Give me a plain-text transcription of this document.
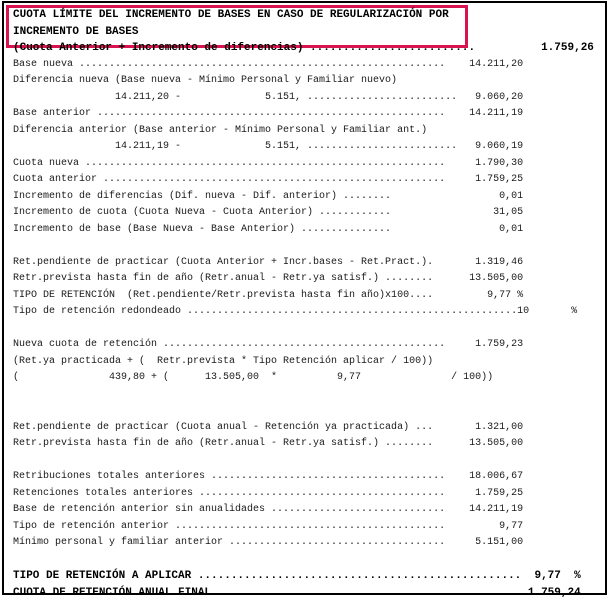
CUOTA LÍMITE DEL INCREMENTO DE BASES EN CASO DE REGULARIZACIÓN POR
INCREMENTO DE BASES
(Cuota Anterior + Incremento de diferencias) .........................          1.759,26
Base nueva .............................................................    14.211,20
Diferencia nueva (Base nueva - Mínimo Personal y Familiar nuevo)
14.211,20 -              5.151, .........................   9.060,20
Base anterior ..........................................................    14.211,19
Diferencia anterior (Base anterior - Mínimo Personal y Familiar ant.)
14.211,19 -              5.151, .........................   9.060,19
Cuota nueva ............................................................     1.790,30
Cuota anterior .........................................................     1.759,25
Incremento de diferencias (Dif. nueva - Dif. anterior) ........                  0,01
Incremento de cuota (Cuota Nueva - Cuota Anterior) ............                 31,05
Incremento de base (Base Nueva - Base Anterior) ...............                  0,01
Ret.pendiente de practicar (Cuota Anterior + Incr.bases - Ret.Pract.).       1.319,46
Retr.prevista hasta fin de año (Retr.anual - Retr.ya satisf.) ........      13.505,00
TIPO DE RETENCIÓN  (Ret.pendiente/Retr.prevista hasta fin año)x100....         9,77 %
Tipo de retención redondeado .......................................................10       %
Nueva cuota de retención ...............................................     1.759,23
(Ret.ya practicada + (  Retr.prevista * Tipo Retención aplicar / 100))
(               439,80 + (      13.505,00  *          9,77               / 100))
Ret.pendiente de practicar (Cuota anual - Retención ya practicada) ...       1.321,00
Retr.prevista hasta fin de año (Retr.anual - Retr.ya satisf.) ........      13.505,00
Retribuciones totales anteriores .......................................    18.006,67
Retenciones totales anteriores .........................................     1.759,25
Base de retención anterior sin anualidades .............................    14.211,19
Tipo de retención anterior .............................................         9,77
Mínimo personal y familiar anterior ....................................     5.151,00
TIPO DE RETENCIÓN A APLICAR .................................................  9,77  %
CUOTA DE RETENCIÓN ANUAL FINAL ...........................................    1.759,24
